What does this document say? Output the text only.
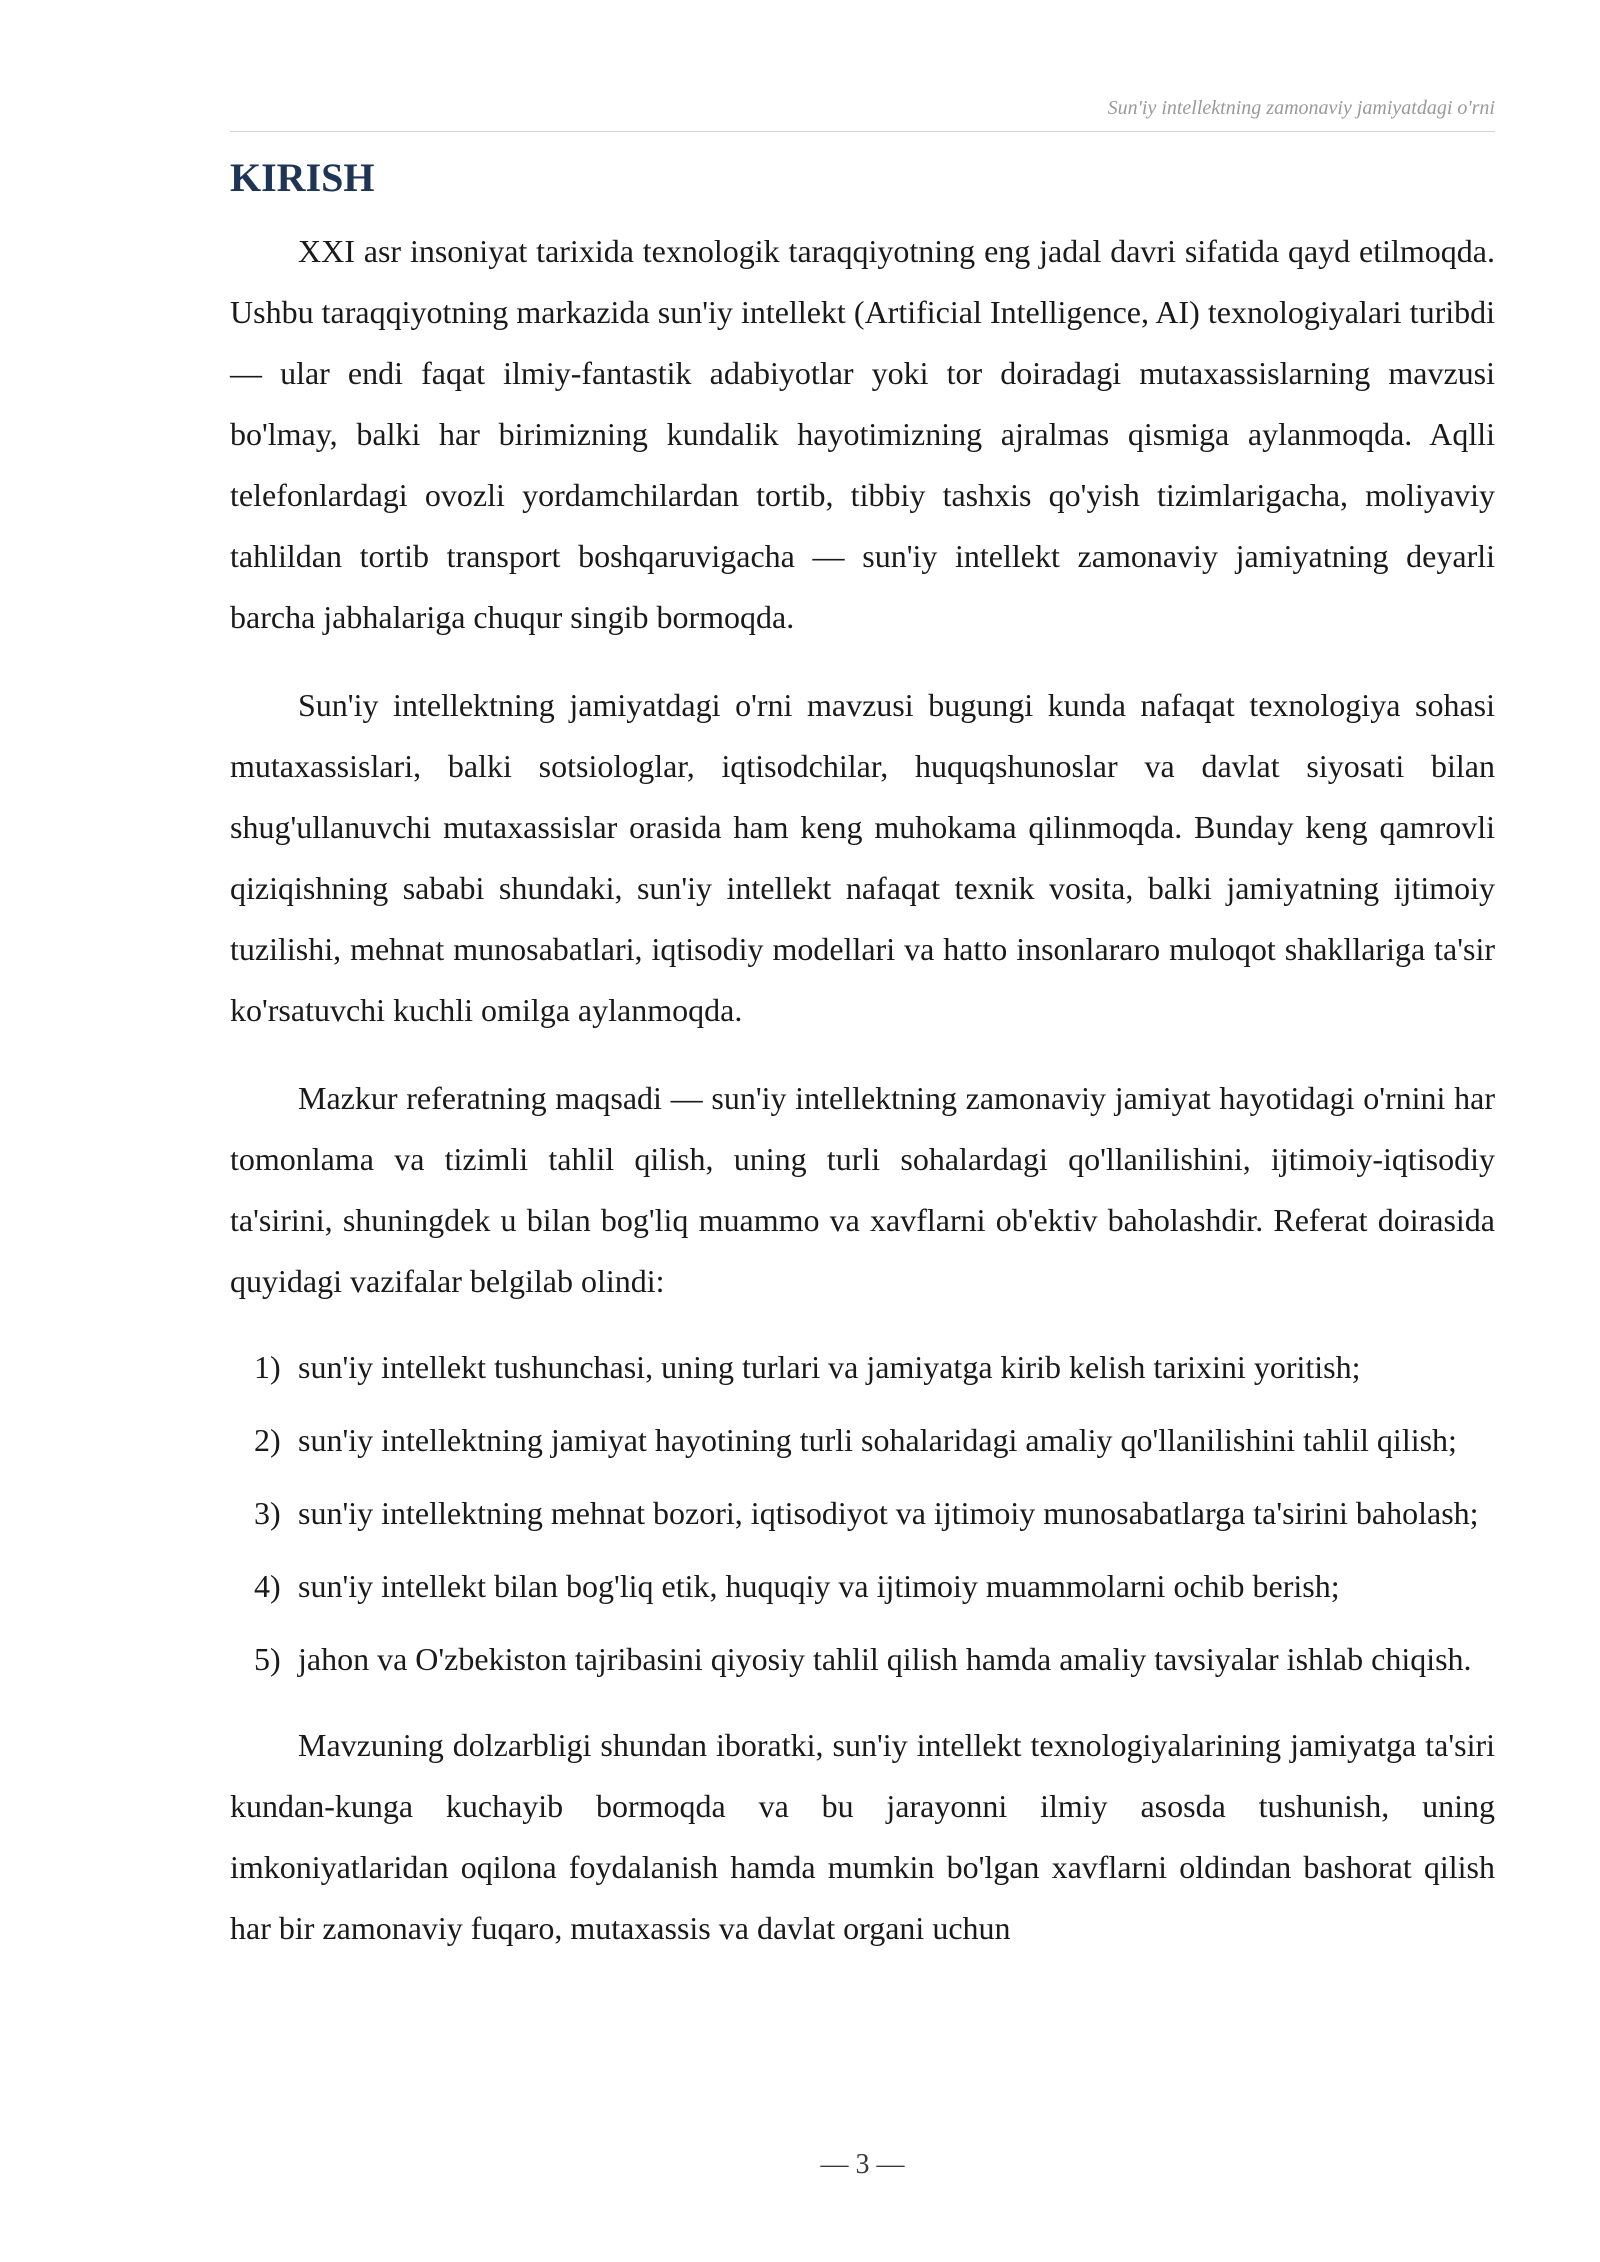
Sun'iy intellektning zamonaviy jamiyatdagi o'rni
KIRISH

XXI asr insoniyat tarixida texnologik taraqqiyotning eng jadal davri sifatida qayd etilmoqda. Ushbu taraqqiyotning markazida sun'iy intellekt (Artificial Intelligence, AI) texnologiyalari turibdi — ular endi faqat ilmiy-fantastik adabiyotlar yoki tor doiradagi mutaxassislarning mavzusi bo'lmay, balki har birimizning kundalik hayotimizning ajralmas qismiga aylanmoqda. Aqlli telefonlardagi ovozli yordamchilardan tortib, tibbiy tashxis qo'yish tizimlarigacha, moliyaviy tahlildan tortib transport boshqaruvigacha — sun'iy intellekt zamonaviy jamiyatning deyarli barcha jabhalariga chuqur singib bormoqda.

Sun'iy intellektning jamiyatdagi o'rni mavzusi bugungi kunda nafaqat texnologiya sohasi mutaxassislari, balki sotsiologlar, iqtisodchilar, huquqshunoslar va davlat siyosati bilan shug'ullanuvchi mutaxassislar orasida ham keng muhokama qilinmoqda. Bunday keng qamrovli qiziqishning sababi shundaki, sun'iy intellekt nafaqat texnik vosita, balki jamiyatning ijtimoiy tuzilishi, mehnat munosabatlari, iqtisodiy modellari va hatto insonlararo muloqot shakllariga ta'sir ko'rsatuvchi kuchli omilga aylanmoqda.

Mazkur referatning maqsadi — sun'iy intellektning zamonaviy jamiyat hayotidagi o'rnini har tomonlama va tizimli tahlil qilish, uning turli sohalardagi qo'llanilishini, ijtimoiy-iqtisodiy ta'sirini, shuningdek u bilan bog'liq muammo va xavflarni ob'ektiv baholashdir. Referat doirasida quyidagi vazifalar belgilab olindi:

1) sun'iy intellekt tushunchasi, uning turlari va jamiyatga kirib kelish tarixini yoritish;
2) sun'iy intellektning jamiyat hayotining turli sohalaridagi amaliy qo'llanilishini tahlil qilish;
3) sun'iy intellektning mehnat bozori, iqtisodiyot va ijtimoiy munosabatlarga ta'sirini baholash;
4) sun'iy intellekt bilan bog'liq etik, huquqiy va ijtimoiy muammolarni ochib berish;
5) jahon va O'zbekiston tajribasini qiyosiy tahlil qilish hamda amaliy tavsiyalar ishlab chiqish.

Mavzuning dolzarbligi shundan iboratki, sun'iy intellekt texnologiyalarining jamiyatga ta'siri kundan-kunga kuchayib bormoqda va bu jarayonni ilmiy asosda tushunish, uning imkoniyatlaridan oqilona foydalanish hamda mumkin bo'lgan xavflarni oldindan bashorat qilish har bir zamonaviy fuqaro, mutaxassis va davlat organi uchun

— 3 —
